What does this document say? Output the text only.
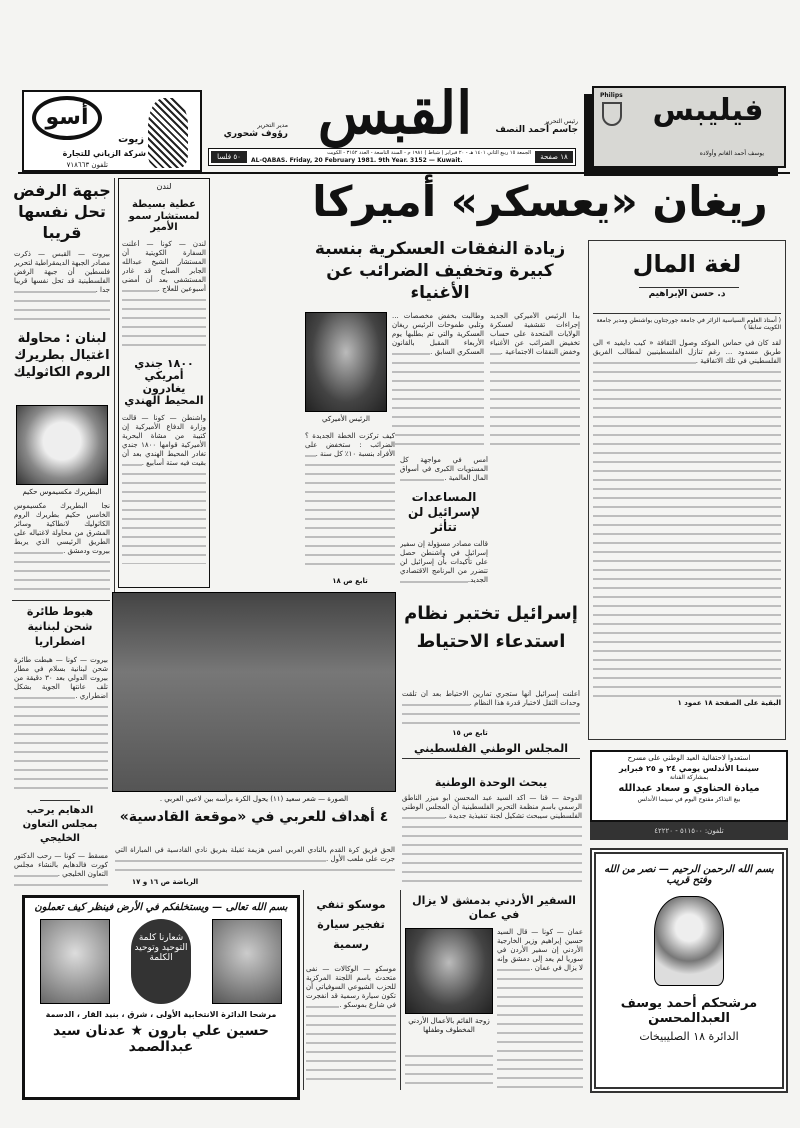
أسو
زيوت
شركة الزياني للتجارة
تلفون ٧١٨٦٦٣
مدير التحرير
رؤوف شحوري القبس	رئيس التحرير
جاسم أحمد النصف
٥٠ فلسا	الجمعة ١٥ ربيع الثاني ١٤٠١ هـ - ٢٠ فبراير ( شباط ) ١٩٨١ م - السنة التاسعة - العدد ٣١٥٢ - الكويت
AL-QABAS. Friday, 20 February 1981. 9th Year. 3152 — Kuwait.	١٨ صفحة
Philips فيليبس
يوسف أحمد الغانم وأولاده
ريغان «يعسكر» أميركا
زيادة النفقات العسكرية بنسبة كبيرة وتخفيف الضرائب عن الأغنياء
الرئيس الأميركي
بدأ الرئيس الأميركي الجديد إجراءات تقشفية لعسكرة الولايات المتحدة على حساب تخفيض الضرائب عن الأغنياء وخفض النفقات الاجتماعية .
وطالبت بخفض مخصصات ... وتلبي طموحات الرئيس ريغان العسكرية والتي تم بطلبها يوم الأربعاء المقبل بالقانون العسكري السابق .
كيف تركزت الخطة الجديدة ؟ الضرائب : ستخفض على الأفراد بنسبة ١٠٪ كل سنة .
أمس في مواجهة كل المستويات الكبرى في أسواق المال العالمية .
المساعدات لإسرائيل لن تتأثر
قالت مصادر مسؤولة إن سفير إسرائيل في واشنطن حصل على تأكيدات بأن إسرائيل لن تتضرر من البرنامج الاقتصادي الجديد.
تابع ص ١٨
لغة المال
د. حسن الإبراهيم
( أستاذ العلوم السياسية الزائر في جامعة جورجتاون بواشنطن ومدير جامعة الكويت سابقا )
لقد كان في حماس المؤكد وصول الثقافة « كيب دايفيد » الى طريق مسدود ... رغم تنازل الفلسطينيين لمطالب الفريق الفلسطيني في تلك الاتفاقية .
البقية على الصفحة ١٨ عمود ١
جبهة الرفض تحل نفسها قريبا
بيروت — القبس — ذكرت مصادر الجبهة الديمقراطية لتحرير فلسطين أن جبهة الرفض الفلسطينية قد تحل نفسها قريبا جدا .
لندن
عطية بسيطة لمستشار سمو الأمير
لندن — كونا — أعلنت السفارة الكويتية أن المستشار الشيخ عبدالله الجابر الصباح قد غادر المستشفى بعد أن أمضى أسبوعين للعلاج .
١٨٠٠ جندي أمريكي يغادرون المحيط الهندي
واشنطن — كونا — قالت وزارة الدفاع الأميركية إن كتيبة من مشاة البحرية الأميركية قوامها ١٨٠٠ جندي تغادر المحيط الهندي بعد أن بقيت فيه ستة أسابيع .
لبنان : محاولة اغتيال بطريرك الروم الكاثوليك
البطريرك مكسيموس حكيم
نجا البطريرك مكسيموس الخامس حكيم بطريرك الروم الكاثوليك لانطاكية وسائر المشرق من محاولة لاغتياله على الطريق الرئيسي الذي يربط بيروت ودمشق .
هبوط طائرة شحن لبنانية اضطراريا
بيروت — كونا — هبطت طائرة شحن لبنانية بسلام في مطار بيروت الدولي بعد ٣٠ دقيقة من تلف عانتها الجوية بشكل اضطراري .
الدهايم يرحب بمجلس التعاون الخليجي
مسقط — كونا — رحب الدكتور كورت فالدهايم بالنشاء مجلس التعاون الخليجي .
الصورة — شعر سعيد (١١) يحول الكرة برأسه بين لاعبي العربي .
٤ أهداف للعربي في «موقعة القادسية»
الحق فريق كرة القدم بالنادي العربي أمس هزيمة ثقيلة بفريق نادي القادسية في المباراة التي جرت على ملعب الأول .
الرياضة ص ١٦ و ١٧
إسرائيل تختبر نظام استدعاء الاحتياط
أعلنت إسرائيل أنها ستجري تمارين الاحتياط بعد أن تلقت وحدات الثقل لاختبار قدرة هذا النظام .
تابع ص ١٥
المجلس الوطني الفلسطيني
يبحث الوحدة الوطنية
الدوحة — قنا — أكد السيد عبد المحسن أبو ميزر الناطق الرسمي باسم منظمة التحرير الفلسطينية أن المجلس الوطني الفلسطيني سيبحث تشكيل لجنة تنفيذية جديدة .
استعدوا لاحتفالية العيد الوطني على مسرح
سينما الأندلس يومي ٢٤ و ٢٥ فبراير
بمشاركة الفنانة
ميادة الحناوي و سعاد عبدالله
بيع التذاكر مفتوح اليوم في سينما الأندلس
تلفون: ٥١١٥٠٠ - ٤٢٢٢٠
بسم الله الرحمن الرحيم — نصر من الله وفتح قريب
مرشحكم أحمد يوسف العبدالمحسن
الدائرة ١٨ الصليبيخات
بسم الله تعالى — ويستخلفكم في الأرض فينظر كيف تعملون
شعارنا كلمة التوحيد وتوحيد الكلمة
مرشحا الدائرة الانتخابية الأولى ، شرق ، بنيد القار ، الدسمة
حسين علي بارون ★ عدنان سيد عبدالصمد
موسكو تنفي تفجير سيارة رسمية
موسكو — الوكالات — نفى متحدث باسم اللجنة المركزية للحزب الشيوعي السوفياتي أن تكون سيارة رسمية قد انفجرت في شارع بموسكو .
السفير الأردني بدمشق لا يزال في عمان
زوجة القائم بالأعمال الأردني المخطوف وطفلها
عمان — كونا — قال السيد حسين إبراهيم وزير الخارجية الأردني إن سفير الأردن في سوريا لم يعد إلى دمشق وإنه لا يزال في عمان .
